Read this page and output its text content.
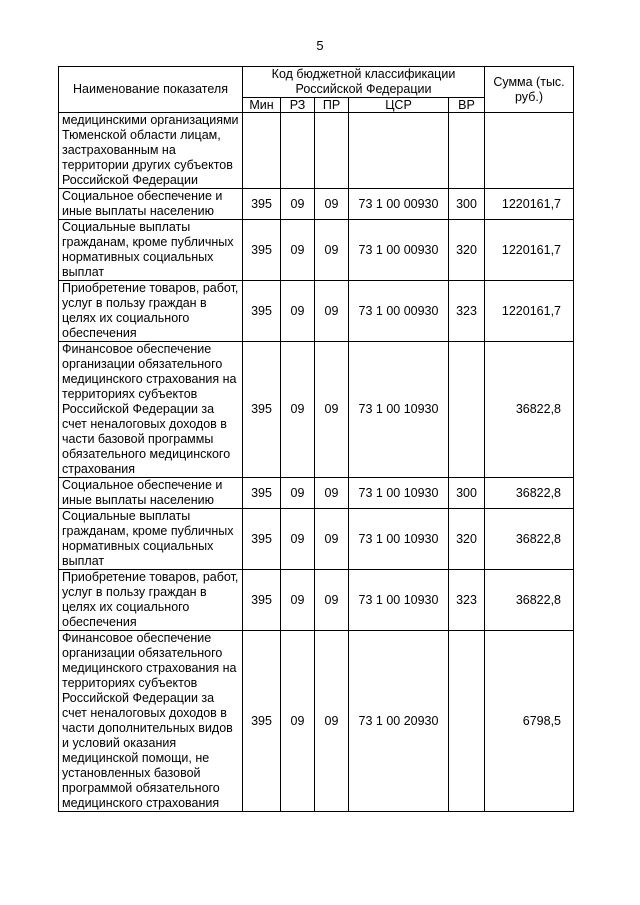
5
Наименование показателя	Код бюджетной классификации Российской Федерации					Сумма (тыс. руб.)
	Мин	РЗ	ПР	ЦСР	ВР	
медицинскими организациями Тюменской области лицам, застрахованным на территории других субъектов Российской Федерации						
Социальное обеспечение и иные выплаты населению	395	09	09	73 1 00 00930	300	1220161,7
Социальные выплаты гражданам, кроме публичных нормативных социальных выплат	395	09	09	73 1 00 00930	320	1220161,7
Приобретение товаров, работ, услуг в пользу граждан в целях их социального обеспечения	395	09	09	73 1 00 00930	323	1220161,7
Финансовое обеспечение организации обязательного медицинского страхования на территориях субъектов Российской Федерации за счет неналоговых доходов в части базовой программы обязательного медицинского страхования	395	09	09	73 1 00 10930		36822,8
Социальное обеспечение и иные выплаты населению	395	09	09	73 1 00 10930	300	36822,8
Социальные выплаты гражданам, кроме публичных нормативных социальных выплат	395	09	09	73 1 00 10930	320	36822,8
Приобретение товаров, работ, услуг в пользу граждан в целях их социального обеспечения	395	09	09	73 1 00 10930	323	36822,8
Финансовое обеспечение организации обязательного медицинского страхования на территориях субъектов Российской Федерации за счет неналоговых доходов в части дополнительных видов и условий оказания медицинской помощи, не установленных базовой программой обязательного медицинского страхования	395	09	09	73 1 00 20930		6798,5
